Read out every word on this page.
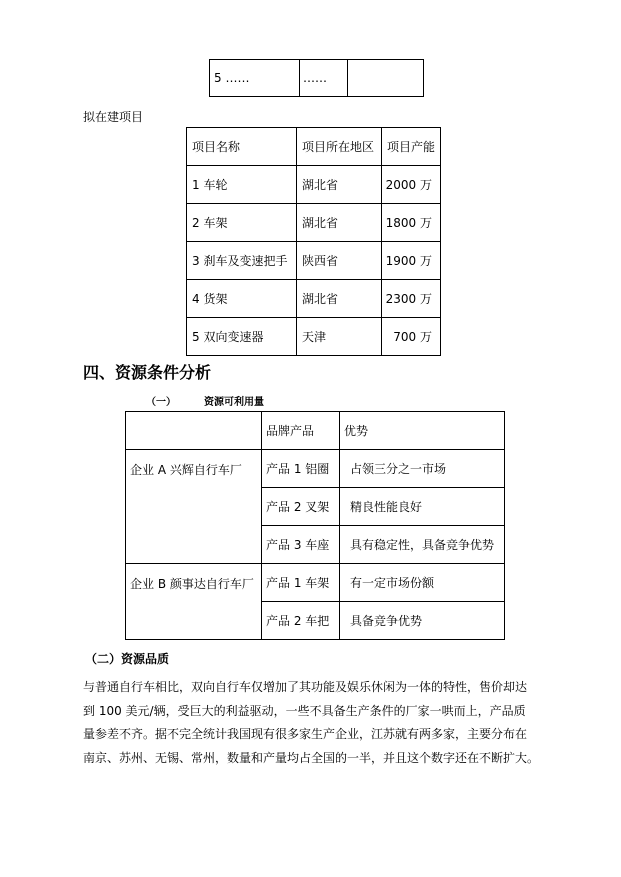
5 ……	……	
拟在建项目
项目名称	项目所在地区	项目产能
1 车轮	湖北省	2000 万
2 车架	湖北省	1800 万
3 刹车及变速把手	陕西省	1900 万
4 货架	湖北省	2300 万
5 双向变速器	天津	700 万
四、资源条件分析
（一）	资源可利用量
	品牌产品	优势
企业 A 兴辉自行车厂	产品 1 铝圈	占领三分之一市场
	产品 2 叉架	精良性能良好
	产品 3 车座	具有稳定性，具备竞争优势
企业 B 颜事达自行车厂	产品 1 车架	有一定市场份额
	产品 2 车把	具备竞争优势
（二）资源品质
与普通自行车相比，双向自行车仅增加了其功能及娱乐休闲为一体的特性，售价却达
到 100 美元/辆，受巨大的利益驱动，一些不具备生产条件的厂家一哄而上，产品质
量参差不齐。据不完全统计我国现有很多家生产企业，江苏就有两多家，主要分布在
南京、苏州、无锡、常州，数量和产量均占全国的一半，并且这个数字还在不断扩大。
